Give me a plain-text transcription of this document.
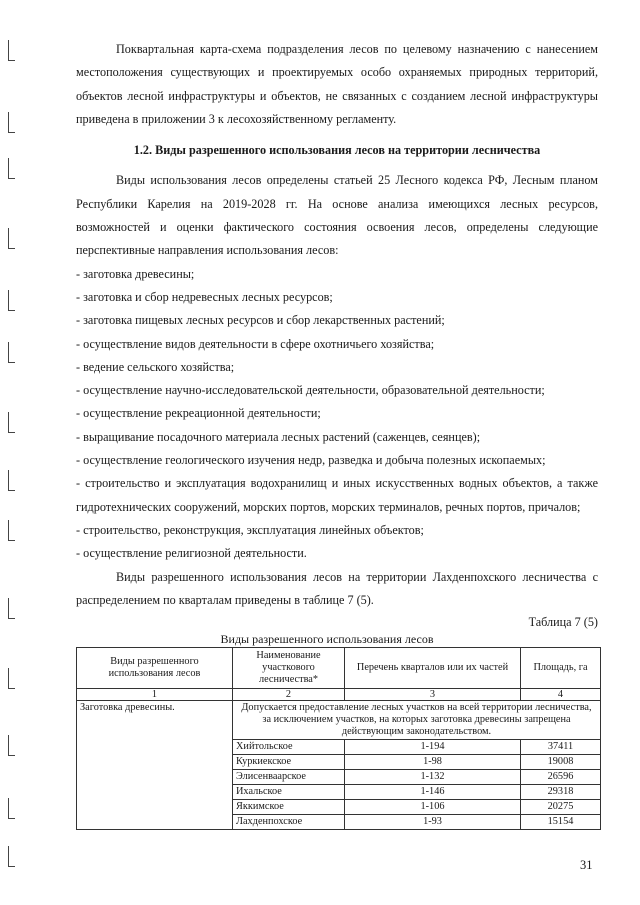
Поквартальная карта-схема подразделения лесов по целевому назначению с нанесением местоположения существующих и проектируемых особо охраняемых природных территорий, объектов лесной инфраструктуры и объектов, не связанных с созданием лесной инфраструктуры приведена в приложении 3 к лесохозяйственному регламенту.

1.2. Виды разрешенного использования лесов на территории лесничества

Виды использования лесов определены статьей 25 Лесного кодекса РФ, Лесным планом Республики Карелия на 2019-2028 гг. На основе анализа имеющихся лесных ресурсов, возможностей и оценки фактического состояния освоения лесов, определены следующие перспективные направления использования лесов:

- заготовка древесины;
- заготовка и сбор недревесных лесных ресурсов;
- заготовка пищевых лесных ресурсов и сбор лекарственных растений;
- осуществление видов деятельности в сфере охотничьего хозяйства;
- ведение сельского хозяйства;
- осуществление научно-исследовательской деятельности, образовательной деятельности;
- осуществление рекреационной деятельности;
- выращивание посадочного материала лесных растений (саженцев, сеянцев);
- осуществление геологического изучения недр, разведка и добыча полезных ископаемых;
- строительство и эксплуатация водохранилищ и иных искусственных водных объектов, а также гидротехнических сооружений, морских портов, морских терминалов, речных портов, причалов;
- строительство, реконструкция, эксплуатация линейных объектов;
- осуществление религиозной деятельности.

Виды разрешенного использования лесов на территории Лахденпохского лесничества с распределением по кварталам приведены в таблице 7 (5).

Таблица 7 (5)
Виды разрешенного использования лесов
Виды разрешенного использования лесов	Наименование участкового лесничества*	Перечень кварталов или их частей	Площадь, га
1	2	3	4
Заготовка древесины.	Допускается предоставление лесных участков на всей территории лесничества, за исключением участков, на которых заготовка древесины запрещена действующим законодательством.		
	Хийтольское	1-194	37411
	Куркиекское	1-98	19008
	Элисенваарское	1-132	26596
	Ихальское	1-146	29318
	Яккимское	1-106	20275
	Лахденпохское	1-93	15154
31
